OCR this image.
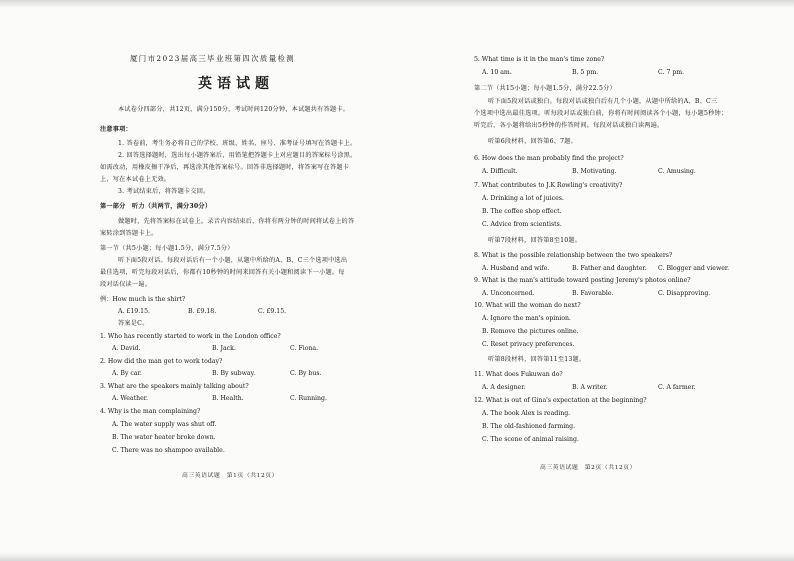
厦门市2023届高三毕业班第四次质量检测
英语试题
本试卷分四部分，共12页，满分150分，考试时间120分钟，本试题共有答题卡。
注意事项：
1. 答卷前，考生务必将自己的学校、班级、姓名、座号、准考证号填写在答题卡上。
2. 回答选择题时，选出每小题答案后，用铅笔把答题卡上对应题目的答案标号涂黑。
如需改动，用橡皮擦干净后，再选涂其他答案标号。回答非选择题时，将答案写在答题卡
上，写在本试卷上无效。
3. 考试结束后，将答题卡交回。
第一部分　听力（共两节，满分30分）
做题时，先将答案标在试卷上。录音内容结束后，你将有两分钟的时间将试卷上的答
案转涂到答题卡上。
第一节（共5小题；每小题1.5分，满分7.5分）
听下面5段对话。每段对话后有一个小题，从题中所给的A、B、C三个选项中选出
最佳选项，听完每段对话后，你都有10秒钟的时间来回答有关小题和阅读下一小题。每
段对话仅读一遍。
例：How much is the shirt?
A. £19.15.	B. £9.18.	C. £9.15.
答案是C。
1. Who has recently started to work in the London office?
A. David.	B. Jack.	C. Fiona.
2. How did the man get to work today?
A. By car.	B. By subway.	C. By bus.
3. What are the speakers mainly talking about?
A. Weather.	B. Health.	C. Running.
4. Why is the man complaining?
A. The water supply was shut off.
B. The water heater broke down.
C. There was no shampoo available.
高三英语试题　第1页（共12页）
5. What time is it in the man's time zone?
A. 10 am.	B. 5 pm.	C. 7 pm.
第二节（共15小题；每小题1.5分，满分22.5分）
听下面5段对话或独白。每段对话或独白后有几个小题，从题中所给的A、B、C三
个选项中选出最佳选项。听每段对话或独白前，你将有时间阅读各个小题，每小题5秒钟；
听完后，各小题将给出5秒钟的作答时间。每段对话或独白读两遍。
听第6段材料，回答第6、7题。
6. How does the man probably find the project?
A. Difficult.	B. Motivating.	C. Amusing.
7. What contributes to J.K Rowling's creativity?
A. Drinking a lot of juices.
B. The coffee shop effect.
C. Advice from scientists.
听第7段材料，回答第8至10题。
8. What is the possible relationship between the two speakers?
A. Husband and wife.	B. Father and daughter. C. Blogger and viewer.
9. What is the man's attitude toward posting Jeremy's photos online?
A. Unconcerned.	B. Favorable.	C. Disapproving.
10. What will the woman do next?
A. Ignore the man's opinion.
B. Remove the pictures online.
C. Reset privacy preferences.
听第8段材料，回答第11至13题。
11. What does Fukuwan do?
A. A designer.	B. A writer.	C. A farmer.
12. What is out of Gina's expectation at the beginning?
A. The book Alex is reading.
B. The old-fashioned farming.
C. The scene of animal raising.
高三英语试题　第2页（共12页）
